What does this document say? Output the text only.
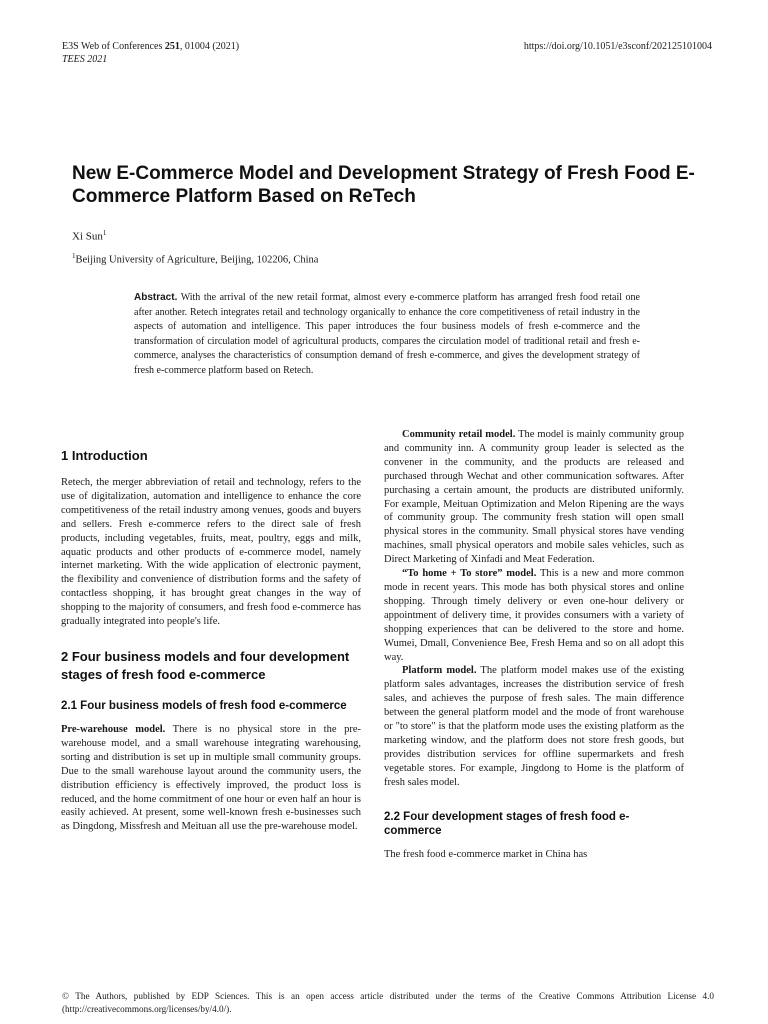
E3S Web of Conferences 251, 01004 (2021)
TEES 2021
https://doi.org/10.1051/e3sconf/202125101004
New E-Commerce Model and Development Strategy of Fresh Food E-Commerce Platform Based on ReTech
Xi Sun$^1$
$^1$Beijing University of Agriculture, Beijing, 102206, China

Abstract. With the arrival of the new retail format, almost every e-commerce platform has arranged fresh food retail one after another. Retech integrates retail and technology organically to enhance the core competitiveness of retail industry in the aspects of automation and intelligence. This paper introduces the four business models of fresh e-commerce and the transformation of circulation model of agricultural products, compares the circulation model of traditional retail and fresh e-commerce, analyses the characteristics of consumption demand of fresh e-commerce, and gives the development strategy of fresh e-commerce platform based on Retech.

1 Introduction

Retech, the merger abbreviation of retail and technology, refers to the use of digitalization, automation and intelligence to enhance the core competitiveness of the retail industry among venues, goods and buyers and sellers. Fresh e-commerce refers to the direct sale of fresh products, including vegetables, fruits, meat, poultry, eggs and milk, aquatic products and other products of e-commerce model, namely internet marketing. With the wide application of electronic payment, the flexibility and convenience of distribution forms and the safety of contactless shopping, it has brought great changes in the way of shopping to the majority of consumers, and fresh food e-commerce has gradually integrated into people's life.

2 Four business models and four development stages of fresh food e-commerce
2.1 Four business models of fresh food e-commerce

Pre-warehouse model. There is no physical store in the pre-warehouse model, and a small warehouse integrating warehousing, sorting and distribution is set up in multiple small community groups. Due to the small warehouse layout around the community users, the distribution efficiency is effectively improved, the product loss is reduced, and the home commitment of one hour or even half an hour is easily achieved. At present, some well-known fresh e-businesses such as Dingdong, Missfresh and Meituan all use the pre-warehouse model.

Community retail model. The model is mainly community group and community inn. A community group leader is selected as the convener in the community, and the products are released and purchased through Wechat and other communication softwares. After purchasing a certain amount, the products are distributed uniformly. For example, Meituan Optimization and Melon Ripening are the ways of community group. The community fresh station will open small physical stores in the community. Small physical stores have vending machines, small physical operators and mobile sales vehicles, such as Direct Marketing of Xinfadi and Meat Federation.

“To home + To store” model. This is a new and more common mode in recent years. This mode has both physical stores and online shopping. Through timely delivery or even one-hour delivery or appointment of delivery time, it provides consumers with a variety of shopping experiences that can be delivered to the store and home. Wumei, Dmall, Convenience Bee, Fresh Hema and so on all adopt this way.

Platform model. The platform model makes use of the existing platform sales advantages, increases the distribution service of fresh sales, and achieves the purpose of fresh sales. The main difference between the general platform model and the mode of front warehouse or "to store" is that the platform mode uses the existing platform as the marketing window, and the platform does not store fresh goods, but provides distribution services for offline supermarkets and fresh vegetable stores. For example, Jingdong to Home is the platform of fresh sales model.

2.2 Four development stages of fresh food e-commerce

The fresh food e-commerce market in China has

© The Authors, published by EDP Sciences. This is an open access article distributed under the terms of the Creative Commons Attribution License 4.0 (http://creativecommons.org/licenses/by/4.0/).
